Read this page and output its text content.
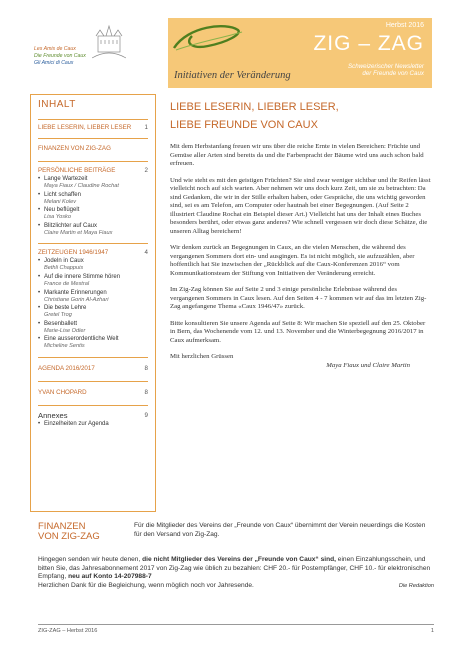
Les Amis de Caux
Die Freunde von Caux
Gli Amici di Caux
Herbst 2016
ZIG – ZAG
Schweizerischer Newsletter
der Freunde von Caux
Initiativen der Veränderung
INHALT
LIEBE LESERIN, LIEBER LESER 1
FINANZEN VON ZIG-ZAG
PERSÖNLICHE BEITRÄGE	2
• Lange Wartezeit
Maya Fiaux / Claudine Rochat
• Licht schaffen
Melani Kolev
• Neu beflügelt
Lisa Yosko
• Blitzlichter auf Caux
Claire Martin et Maya Fiaux
ZEITZEUGEN 1946/1947	4
• Jodeln in Caux
Bethli Chappuis
• Auf die innere Stimme hören
France de Mestral
• Markante Erinnerungen
Christiane Gorin Al-Azhari
• Die beste Lehre
Gretel Trog
• Besenballett
Marie-Lise Odier
• Eine ausserordentliche Welt
Micheline Sentis
AGENDA 2016/2017	8
YVAN CHOPARD	8
Annexes	9
• Einzelheiten zur Agenda
LIEBE LESERIN, LIEBER LESER,
LIEBE FREUNDE VON CAUX

Mit dem Herbstanfang freuen wir uns über die reiche Ernte in vielen Bereichen: Früchte und Gemüse aller Arten sind bereits da und die Farbenpracht der Bäume wird uns auch schon bald erfreuen.

Und wie steht es mit den geistigen Früchten? Sie sind zwar weniger sichtbar und ihr Reifen lässt vielleicht noch auf sich warten. Aber nehmen wir uns doch kurz Zeit, um sie zu betrachten: Da sind Gedanken, die wir in der Stille erhalten haben, oder Gespräche, die uns wichtig geworden sind, sei es am Telefon, am Computer oder hautnah bei einer Begegnungen. (Auf Seite 2 illustriert Claudine Rochat ein Beispiel dieser Art.) Vielleicht hat uns der Inhalt eines Buches besonders berührt, oder etwas ganz anderes? Wie schnell vergessen wir doch diese Schätze, die unseren Alltag bereichern!

Wir denken zurück an Begegnungen in Caux, an die vielen Menschen, die während des vergangenen Sommers dort ein- und ausgingen. Es ist nicht möglich, sie aufzuzählen, aber hoffentlich hat Sie inzwischen der „Rückblick auf die Caux-Konferenzen 2016“ vom Kommunikationsteam der Stiftung von Initiativen der Veränderung erreicht.

Im Zig-Zag können Sie auf Seite 2 und 3 einige persönliche Erlebnisse während des vergangenen Sommers in Caux lesen. Auf den Seiten 4 - 7 kommen wir auf das im letzten Zig-Zag angefangene Thema «Caux 1946/47» zurück.

Bitte konsultieren Sie unsere Agenda auf Seite 8: Wir machen Sie speziell auf den 25. Oktober in Bern, das Wochenende vom 12. und 13. November und die Winterbegegnung 2016/2017 in Caux aufmerksam.

Mit herzlichen Grüssen

Maya Fiaux und Claire Martin

FINANZEN
VON ZIG-ZAG
Für die Mitglieder des Vereins der „Freunde von Caux“ übernimmt der Verein neuerdings die Kosten für den Versand von Zig-Zag.
Hingegen senden wir heute denen, die nicht Mitglieder des Vereins der „Freunde von Caux“ sind, einen Einzahlungsschein, und bitten Sie, das Jahresabonnement 2017 von Zig-Zag wie üblich zu bezahlen: CHF 20.- für Postempfänger, CHF 10.- für elektronischen Empfang, neu auf Konto 14-207988-7
Herzlichen Dank für die Begleichung, wenn möglich noch vor Jahresende.	Die Redaktion
ZIG-ZAG – Herbst 2016	1
